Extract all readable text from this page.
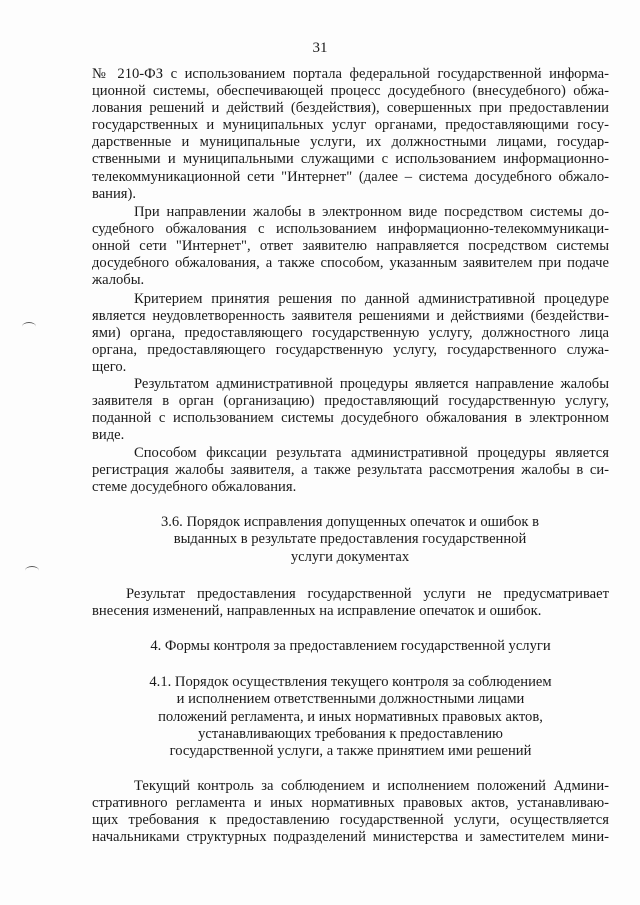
31
№ 210-ФЗ с использованием портала федеральной государственной информа-
ционной системы, обеспечивающей процесс досудебного (внесудебного) обжа-
лования решений и действий (бездействия), совершенных при предоставлении
государственных и муниципальных услуг органами, предоставляющими госу-
дарственные и муниципальные услуги, их должностными лицами, государ-
ственными и муниципальными служащими с использованием информационно-
телекоммуникационной сети "Интернет" (далее – система досудебного обжало-
вания).
При направлении жалобы в электронном виде посредством системы до-
судебного обжалования с использованием информационно-телекоммуникаци-
онной сети "Интернет", ответ заявителю направляется посредством системы
досудебного обжалования, а также способом, указанным заявителем при подаче
жалобы.
Критерием принятия решения по данной административной процедуре
является неудовлетворенность заявителя решениями и действиями (бездействи-
ями) органа, предоставляющего государственную услугу, должностного лица
органа, предоставляющего государственную услугу, государственного служа-
щего.
Результатом административной процедуры является направление жалобы
заявителя в орган (организацию) предоставляющий государственную услугу,
поданной с использованием системы досудебного обжалования в электронном
виде.
Способом фиксации результата административной процедуры является
регистрация жалобы заявителя, а также результата рассмотрения жалобы в си-
стеме досудебного обжалования.
3.6. Порядок исправления допущенных опечаток и ошибок в
выданных в результате предоставления государственной
услуги документах
Результат предоставления государственной услуги не предусматривает
внесения изменений, направленных на исправление опечаток и ошибок.
4. Формы контроля за предоставлением государственной услуги
4.1. Порядок осуществления текущего контроля за соблюдением
и исполнением ответственными должностными лицами
положений регламента, и иных нормативных правовых актов,
устанавливающих требования к предоставлению
государственной услуги, а также принятием ими решений
Текущий контроль за соблюдением и исполнением положений Админи-
стративного регламента и иных нормативных правовых актов, устанавливаю-
щих требования к предоставлению государственной услуги, осуществляется
начальниками структурных подразделений министерства и заместителем мини-
